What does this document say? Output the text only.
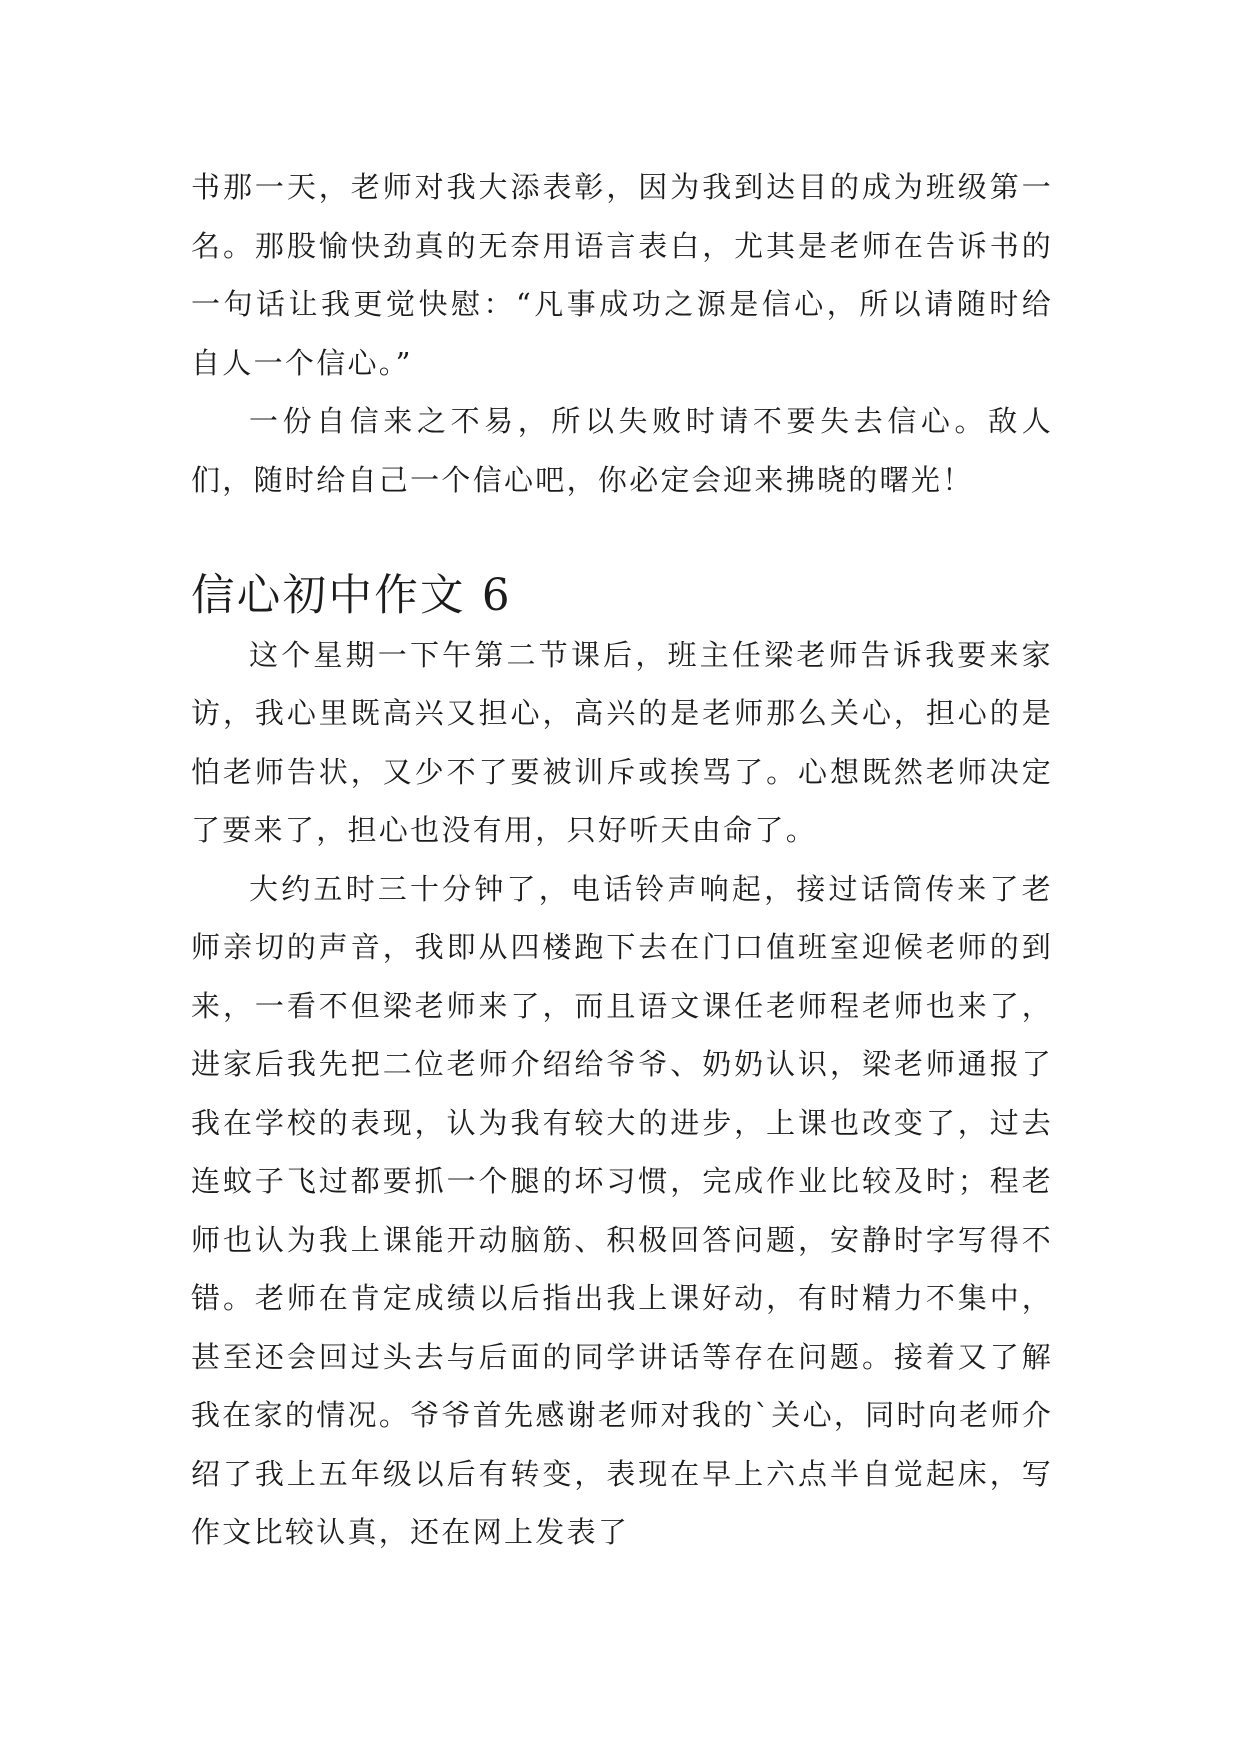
书那一天，老师对我大添表彰，因为我到达目的成为班级第一名。那股愉快劲真的无奈用语言表白，尤其是老师在告诉书的一句话让我更觉快慰：“凡事成功之源是信心，所以请随时给自人一个信心。”

一份自信来之不易，所以失败时请不要失去信心。敌人们，随时给自己一个信心吧，你必定会迎来拂晓的曙光！

信心初中作文 6

这个星期一下午第二节课后，班主任梁老师告诉我要来家访，我心里既高兴又担心，高兴的是老师那么关心，担心的是怕老师告状，又少不了要被训斥或挨骂了。心想既然老师决定了要来了，担心也没有用，只好听天由命了。

大约五时三十分钟了，电话铃声响起，接过话筒传来了老师亲切的声音，我即从四楼跑下去在门口值班室迎候老师的到来，一看不但梁老师来了，而且语文课任老师程老师也来了，进家后我先把二位老师介绍给爷爷、奶奶认识，梁老师通报了我在学校的表现，认为我有较大的进步，上课也改变了，过去连蚊子飞过都要抓一个腿的坏习惯，完成作业比较及时；程老师也认为我上课能开动脑筋、积极回答问题，安静时字写得不错。老师在肯定成绩以后指出我上课好动，有时精力不集中，甚至还会回过头去与后面的同学讲话等存在问题。接着又了解我在家的情况。爷爷首先感谢老师对我的`关心，同时向老师介绍了我上五年级以后有转变，表现在早上六点半自觉起床，写作文比较认真，还在网上发表了
